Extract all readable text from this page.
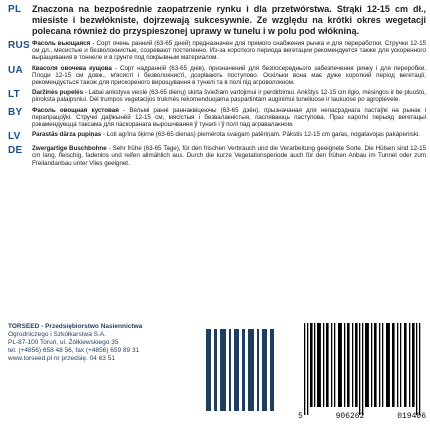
PL	Znaczona na bezpośrednie zaopatrzenie rynku i dla przetwórstwa. Strąki 12-15 cm dł., miesiste i bezwłókniste, dojrzewają sukcesywnie. Ze względu na krótki okres wegetacji polecana również do przyspieszonej uprawy w tunelu i w polu pod włókniną.
RUS Фасоль вьющаяся - Сорт очень ранний (63-65 дней) предназначен для прямого снабжения рынка и для переработки. Стручки 12-15 см дл., мясистые и безволокнистые, созревают постепенно. Из-за короткого периода вегетации рекомендуется также для ускоренного выращивания в тоннеле и в грунте под покрывным материалом.
UA	Квасоля овочева кущова - Сорт надранній (63-65 днів), призначений для безпосереднього забезпечення ринку і для переробки. Плоди 12-15 см довж., м'ясисті і безволокнисті, дозрівають поступово. Оскільки вона має дуже короткий період вегетації, рекомендується також для прискореного вирощування в тунелі та в полі під агроволокном.
LT	Daržinės pupelės - Labai ankstyva veislė (63-65 dienų) skirta šviežiam vartojimui ir perdirbimui. Ankštys 12-15 cm ilgio, mėsingos ir be pluošto, pinokstа palaipsniui. Dėl trumpos vegetacijos trukmės rekomenduojama paspartintam auginimui tuneliuose ir laukuose po agroplėvele.
BY	Фасоль овощная кустовая - Вельмі ранні раннаквіцеючы (63-65 дзён), прызначаная для непасрэднага пастаўкі на рынак і перапрацоўкі. Стручкі даўжынёй 12-15 см, мясістыя і безвалакністыя, паспяваюць паступова. Праз кароткі перыяд вегетацыі рэкамендуецца таксама для паскоранага вырошчвання ў тунэлі і ў полі пад агравалакном.
LV	Parastās dārza pupiņas - Loti agrīna šķirne (63-65 dienas) piemērota svaigam patēriņam. Pākstis 12-15 cm garas, nogatavojas pakāpeniski.
DE	Zwergartige Buschbohne - Sehr frühe (63-65 Tage), für den frischen Verbrauch und die Verarbeitung geeignete Sorte. Die Hülsen sind 12-15 cm lang, fleischig, fadenlos und reifen allmählich aus. Durch die kurze Vegetationsperiode auch für den frühen Anbau im Tunnel oder zum Freilandanbau unter Vlies geeignet.
TORSEED - Przedsiębiorstwo Nasiennictwa
Ogrodniczego i Szkółkarstwa S.A.
PL-87-100 Toruń, ul. Żółkiewskiego 35
tel. (+4856) 658 48 56, fax (+4856) 659 89 31
www.torseed.pl nr przedsię. 04 63 51
5	906262	019406
